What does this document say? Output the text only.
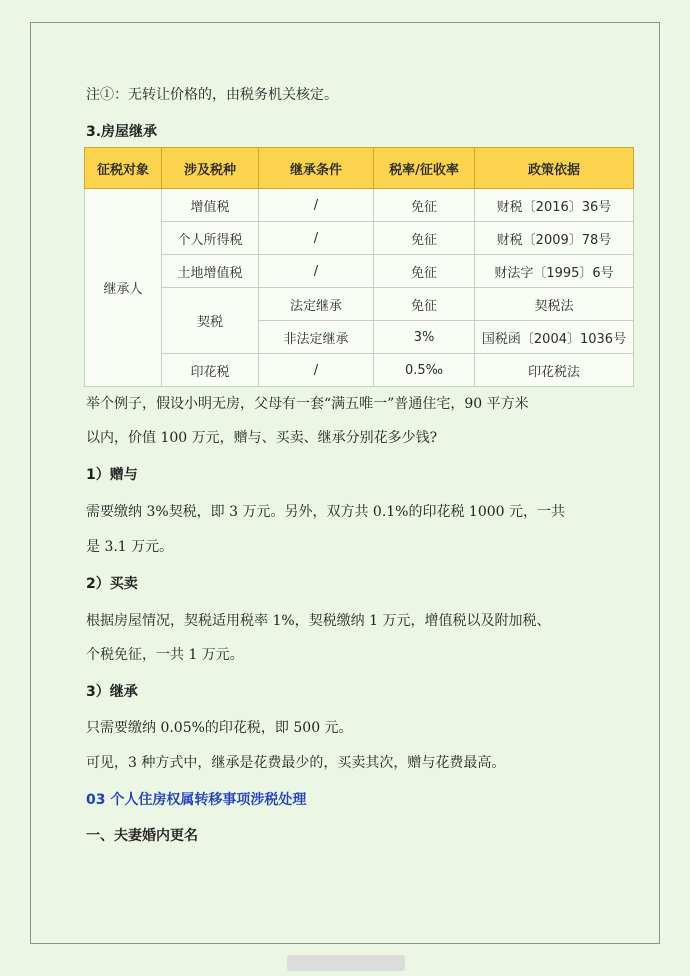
注①：无转让价格的，由税务机关核定。

3.房屋继承

征税对象	涉及税种	继承条件	税率/征收率	政策依据
继承人	增值税	/	免征	财税〔2016〕36号
	个人所得税	/	免征	财税〔2009〕78号
	土地增值税	/	免征	财法字〔1995〕6号
	契税	法定继承	免征	契税法
		非法定继承	3%	国税函〔2004〕1036号
	印花税	/	0.5‰	印花税法

举个例子，假设小明无房，父母有一套“满五唯一”普通住宅，90 平方米

以内，价值 100 万元，赠与、买卖、继承分别花多少钱?

1）赠与

需要缴纳 3%契税，即 3 万元。另外，双方共 0.1%的印花税 1000 元，一共

是 3.1 万元。

2）买卖

根据房屋情况，契税适用税率 1%，契税缴纳 1 万元，增值税以及附加税、

个税免征，一共 1 万元。

3）继承

只需要缴纳 0.05%的印花税，即 500 元。

可见，3 种方式中，继承是花费最少的，买卖其次，赠与花费最高。

03 个人住房权属转移事项涉税处理

一、夫妻婚内更名
